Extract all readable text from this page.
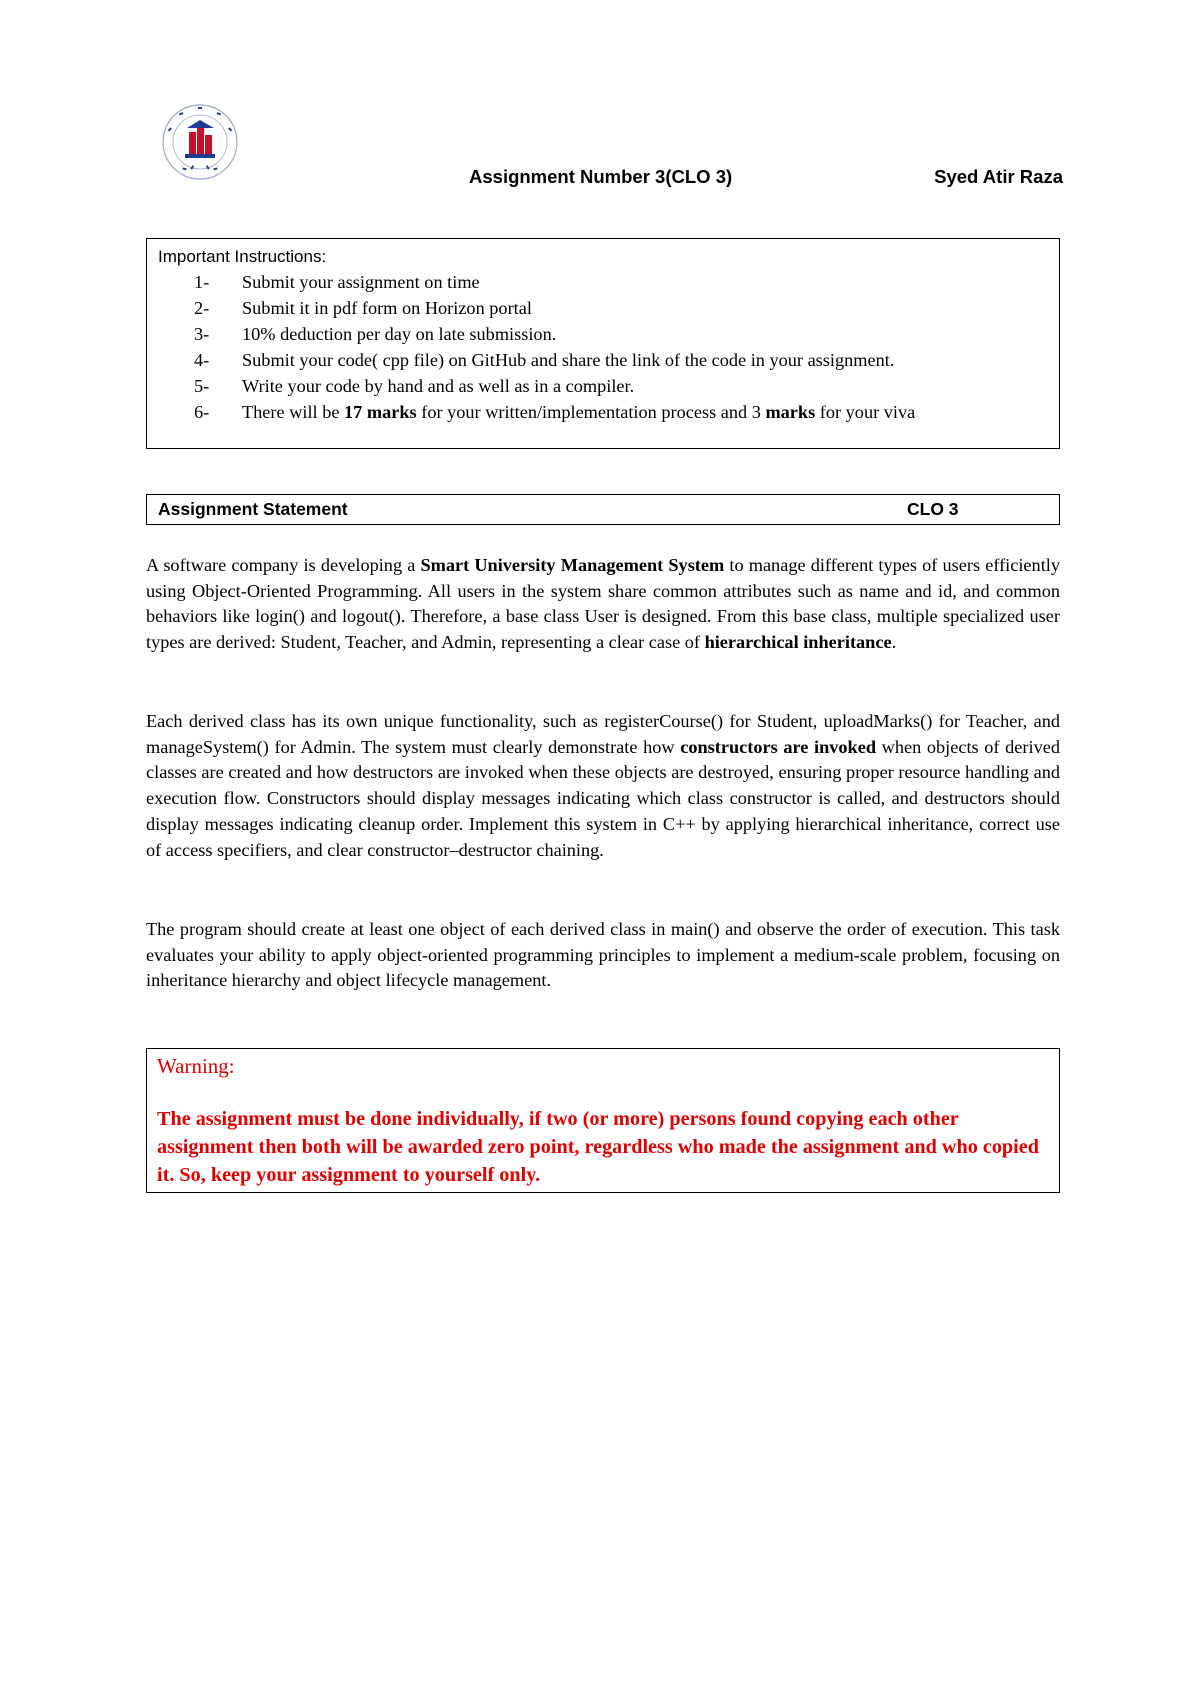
Assignment Number 3(CLO 3)	Syed Atir Raza
Important Instructions:
1- Submit your assignment on time
2- Submit it in pdf form on Horizon portal
3- 10% deduction per day on late submission.
4- Submit your code( cpp file) on GitHub and share the link of the code in your assignment.
5- Write your code by hand and as well as in a compiler.
6- There will be 17 marks for your written/implementation process and 3 marks for your viva
Assignment Statement	CLO 3

A software company is developing a Smart University Management System to manage different types of users efficiently using Object-Oriented Programming. All users in the system share common attributes such as name and id, and common behaviors like login() and logout(). Therefore, a base class User is designed. From this base class, multiple specialized user types are derived: Student, Teacher, and Admin, representing a clear case of hierarchical inheritance.

Each derived class has its own unique functionality, such as registerCourse() for Student, uploadMarks() for Teacher, and manageSystem() for Admin. The system must clearly demonstrate how constructors are invoked when objects of derived classes are created and how destructors are invoked when these objects are destroyed, ensuring proper resource handling and execution flow. Constructors should display messages indicating which class constructor is called, and destructors should display messages indicating cleanup order. Implement this system in C++ by applying hierarchical inheritance, correct use of access specifiers, and clear constructor–destructor chaining.

The program should create at least one object of each derived class in main() and observe the order of execution. This task evaluates your ability to apply object-oriented programming principles to implement a medium-scale problem, focusing on inheritance hierarchy and object lifecycle management.

Warning:
The assignment must be done individually, if two (or more) persons found copying each other assignment then both will be awarded zero point, regardless who made the assignment and who copied it. So, keep your assignment to yourself only.
